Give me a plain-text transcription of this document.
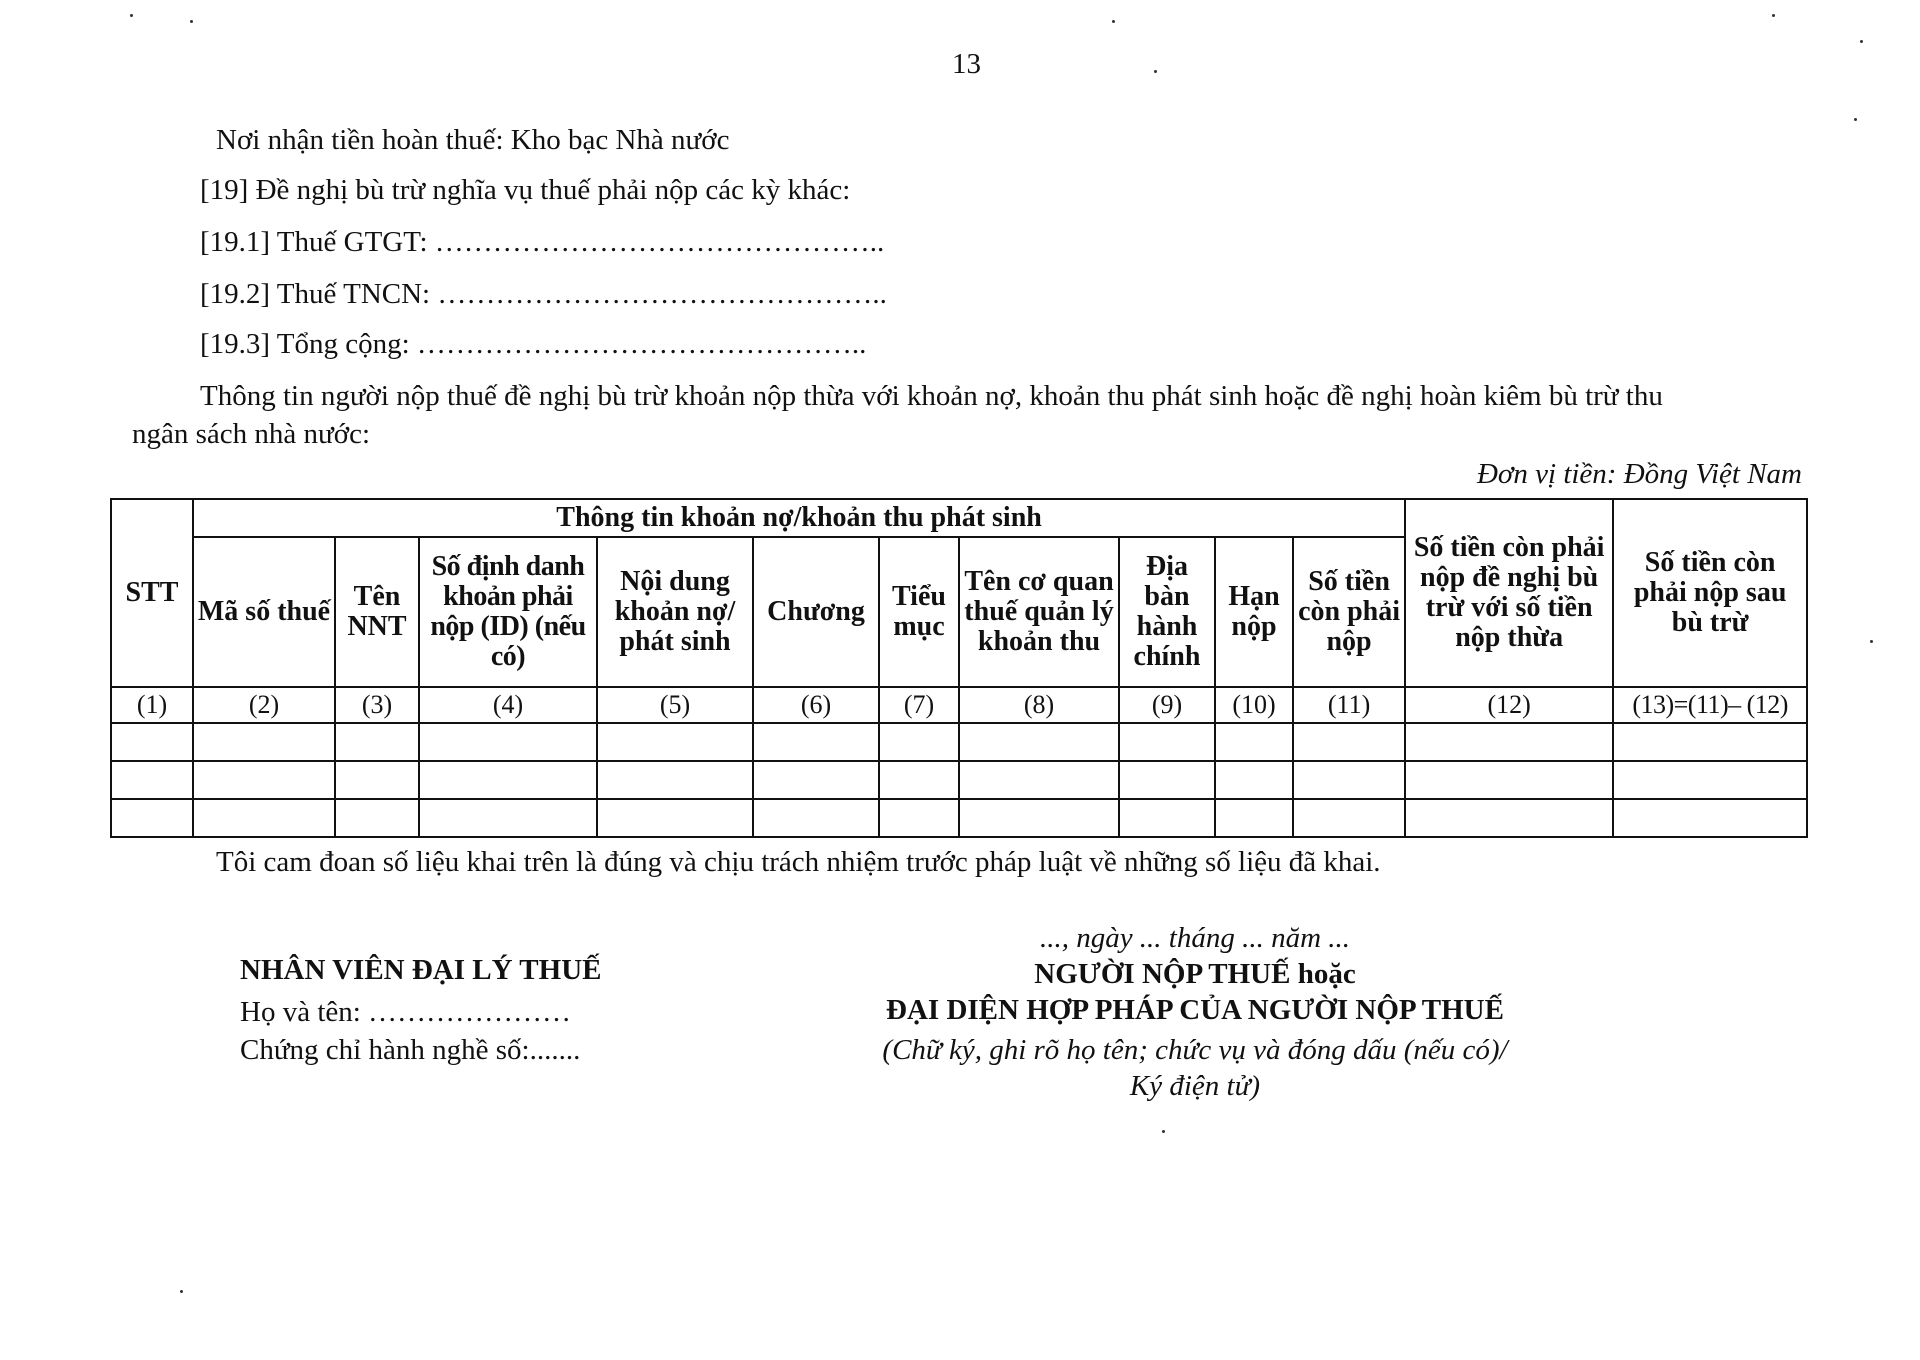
13
Nơi nhận tiền hoàn thuế: Kho bạc Nhà nước
[19] Đề nghị bù trừ nghĩa vụ thuế phải nộp các kỳ khác:
[19.1] Thuế GTGT: ………………………………………..
[19.2] Thuế TNCN: ………………………………………..
[19.3] Tổng cộng: ………………………………………..
Thông tin người nộp thuế đề nghị bù trừ khoản nộp thừa với khoản nợ, khoản thu phát sinh hoặc đề nghị hoàn kiêm bù trừ thu
ngân sách nhà nước:
Đơn vị tiền: Đồng Việt Nam
STT	Thông tin khoản nợ/khoản thu phát sinh										Số tiền còn phải nộp đề nghị bù trừ với số tiền nộp thừa	Số tiền còn phải nộp sau bù trừ
	Mã số thuế	Tên NNT	Số định danh khoản phải nộp (ID) (nếu có)	Nội dung khoản nợ/ phát sinh	Chương	Tiểu mục	Tên cơ quan thuế quản lý khoản thu	Địa bàn hành chính	Hạn nộp	Số tiền còn phải nộp		
(1)	(2)	(3)	(4)	(5)	(6)	(7)	(8)	(9)	(10)	(11)	(12)	(13)=(11)– (12)

Tôi cam đoan số liệu khai trên là đúng và chịu trách nhiệm trước pháp luật về những số liệu đã khai.
NHÂN VIÊN ĐẠI LÝ THUẾ
Họ và tên: …………………
Chứng chỉ hành nghề số:.......
..., ngày ... tháng ... năm ...
NGƯỜI NỘP THUẾ hoặc
ĐẠI DIỆN HỢP PHÁP CỦA NGƯỜI NỘP THUẾ
(Chữ ký, ghi rõ họ tên; chức vụ và đóng dấu (nếu có)/
Ký điện tử)
